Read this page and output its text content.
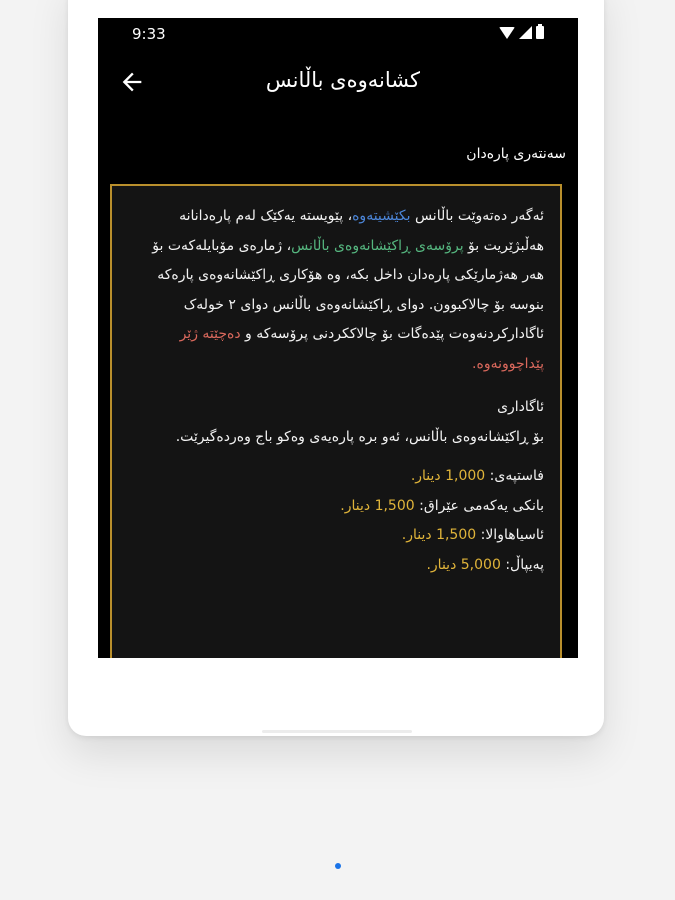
9:33
کشانەوەی باڵانس
سەنتەری پارەدان

ئەگەر دەتەوێت باڵانس بکێشیتەوە، پێویستە یەکێک لەم پارەدانانە هەڵبژێریت بۆ پرۆسەی ڕاکێشانەوەی باڵانس، ژمارەی مۆبایلەکەت بۆ هەر هەژمارێکی پارەدان داخل بکە، وە هۆکاری ڕاکێشانەوەی پارەکە بنوسە بۆ چالاکبوون. دوای ڕاکێشانەوەی باڵانس دوای ٢ خولەک ئاگادارکردنەوەت پێدەگات بۆ چالاککردنی پرۆسەکە و دەچێتە ژێر پێداچوونەوە.

ئاگاداری

بۆ ڕاکێشانەوەی باڵانس، ئەو برە پارەیەی وەکو باج وەردەگیرێت.

فاستپەی: 1,000 دینار.

بانکی یەکەمی عێراق: 1,500 دینار.

ئاسیاهاوالا: 1,500 دینار.

پەیپاڵ: 5,000 دینار.
